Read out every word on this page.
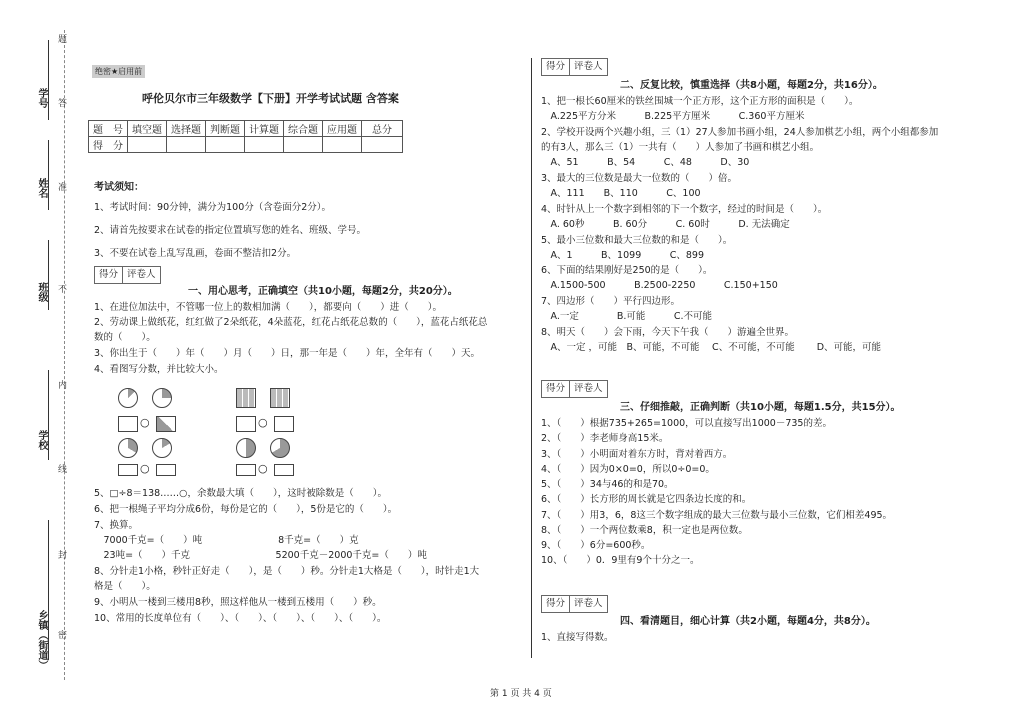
学号
姓名
班级
学校
乡镇（街道）
题
答
准
不
内
线
封
密
绝密★启用前
呼伦贝尔市三年级数学【下册】开学考试试题 含答案
题　号	填空题	选择题	判断题	计算题	综合题	应用题	总分
得　分							
考试须知：
1、考试时间：90分钟，满分为100分（含卷面分2分）。
2、请首先按要求在试卷的指定位置填写您的姓名、班级、学号。
3、不要在试卷上乱写乱画，卷面不整洁扣2分。
得分 评卷人
一、用心思考，正确填空（共10小题，每题2分，共20分）。
1、在进位加法中，不管哪一位上的数相加满（　　），都要向（　　）进（　　）。
2、劳动课上做纸花，红红做了2朵纸花，4朵蓝花，红花占纸花总数的（　　），蓝花占纸花总
数的（　　）。
3、你出生于（　　）年（　　）月（　　）日，那一年是（　　）年，全年有（　　）天。
4、看图写分数，并比较大小。
○	○
○	○
5、□÷8＝138……○，余数最大填（　　），这时被除数是（　　）。
6、把一根绳子平均分成6份，每份是它的（　　），5份是它的（　　）。
7、换算。
　7000千克=（　　）吨　　　　　　　　8千克=（　　）克
　23吨=（　　）千克　　　　　　　　　5200千克－2000千克=（　　）吨
8、分针走1小格，秒针正好走（　　），是（　　）秒。分针走1大格是（　　），时针走1大
格是（　　）。
9、小明从一楼到三楼用8秒，照这样他从一楼到五楼用（　　）秒。
10、常用的长度单位有（　　）、（　　）、（　　）、（　　）、（　　）。
得分 评卷人
二、反复比较，慎重选择（共8小题，每题2分，共16分）。
1、把一根长60厘米的铁丝围城一个正方形，这个正方形的面积是（　　）。
　A.225平方分米　　　B.225平方厘米　　　C.360平方厘米
2、学校开设两个兴趣小组，三（1）27人参加书画小组，24人参加棋艺小组，两个小组都参加
的有3人，那么三（1）一共有（　　）人参加了书画和棋艺小组。
　A、51　　　B、54　　　C、48　　　D、30
3、最大的三位数是最大一位数的（　　）倍。
　A、111　　B、110　　　C、100
4、时针从上一个数字到相邻的下一个数字，经过的时间是（　　）。
　A. 60秒　　　B. 60分　　　C. 60时　　　D. 无法确定
5、最小三位数和最大三位数的和是（　　）。
　A、1　　　B、1099　　　C、899
6、下面的结果刚好是250的是（　　）。
　A.1500-500　　　B.2500-2250　　　C.150+150
7、四边形（　　）平行四边形。
　A.一定　　　　B.可能　　　C.不可能
8、明天（　　）会下雨，今天下午我（　　）游遍全世界。
　A、一定 ，可能　B、可能，不可能　 C、不可能，不可能　　 D、可能，可能
得分 评卷人
三、仔细推敲，正确判断（共10小题，每题1.5分，共15分）。
1、（　　）根据735+265=1000，可以直接写出1000－735的差。
2、（　　）李老师身高15米。
3、（　　）小明面对着东方时，背对着西方。
4、（　　）因为0×0=0，所以0÷0=0。
5、（　　）34与46的和是70。
6、（　　）长方形的周长就是它四条边长度的和。
7、（　　）用3，6，8这三个数字组成的最大三位数与最小三位数，它们相差495。
8、（　　）一个两位数乘8，积一定也是两位数。
9、（　　）6分=600秒。
10、（　　）0．9里有9个十分之一。
得分 评卷人
四、看清题目，细心计算（共2小题，每题4分，共8分）。
1、直接写得数。
第 1 页 共 4 页
